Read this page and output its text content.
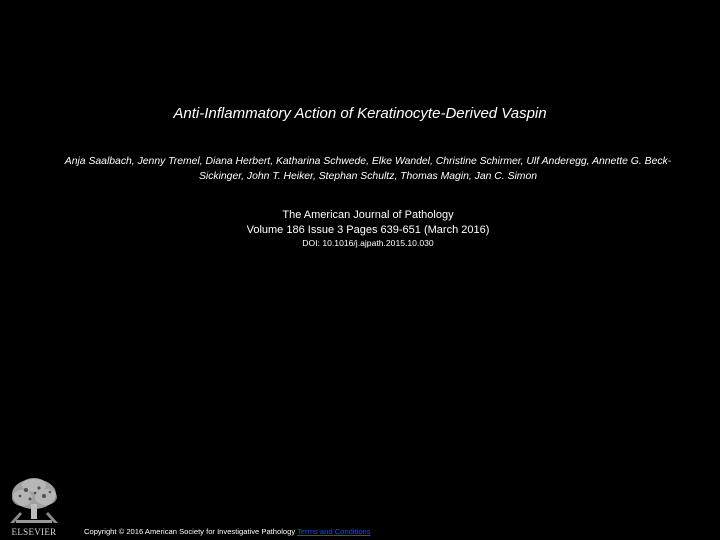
Anti-Inflammatory Action of Keratinocyte-Derived Vaspin
Anja Saalbach, Jenny Tremel, Diana Herbert, Katharina Schwede, Elke Wandel, Christine Schirmer, Ulf Anderegg, Annette G. Beck-
Sickinger, John T. Heiker, Stephan Schultz, Thomas Magin, Jan C. Simon
The American Journal of Pathology
Volume 186 Issue 3 Pages 639-651 (March 2016)
DOI: 10.1016/j.ajpath.2015.10.030
ELSEVIER	Copyright © 2016 American Society for Investigative Pathology Terms and Conditions
